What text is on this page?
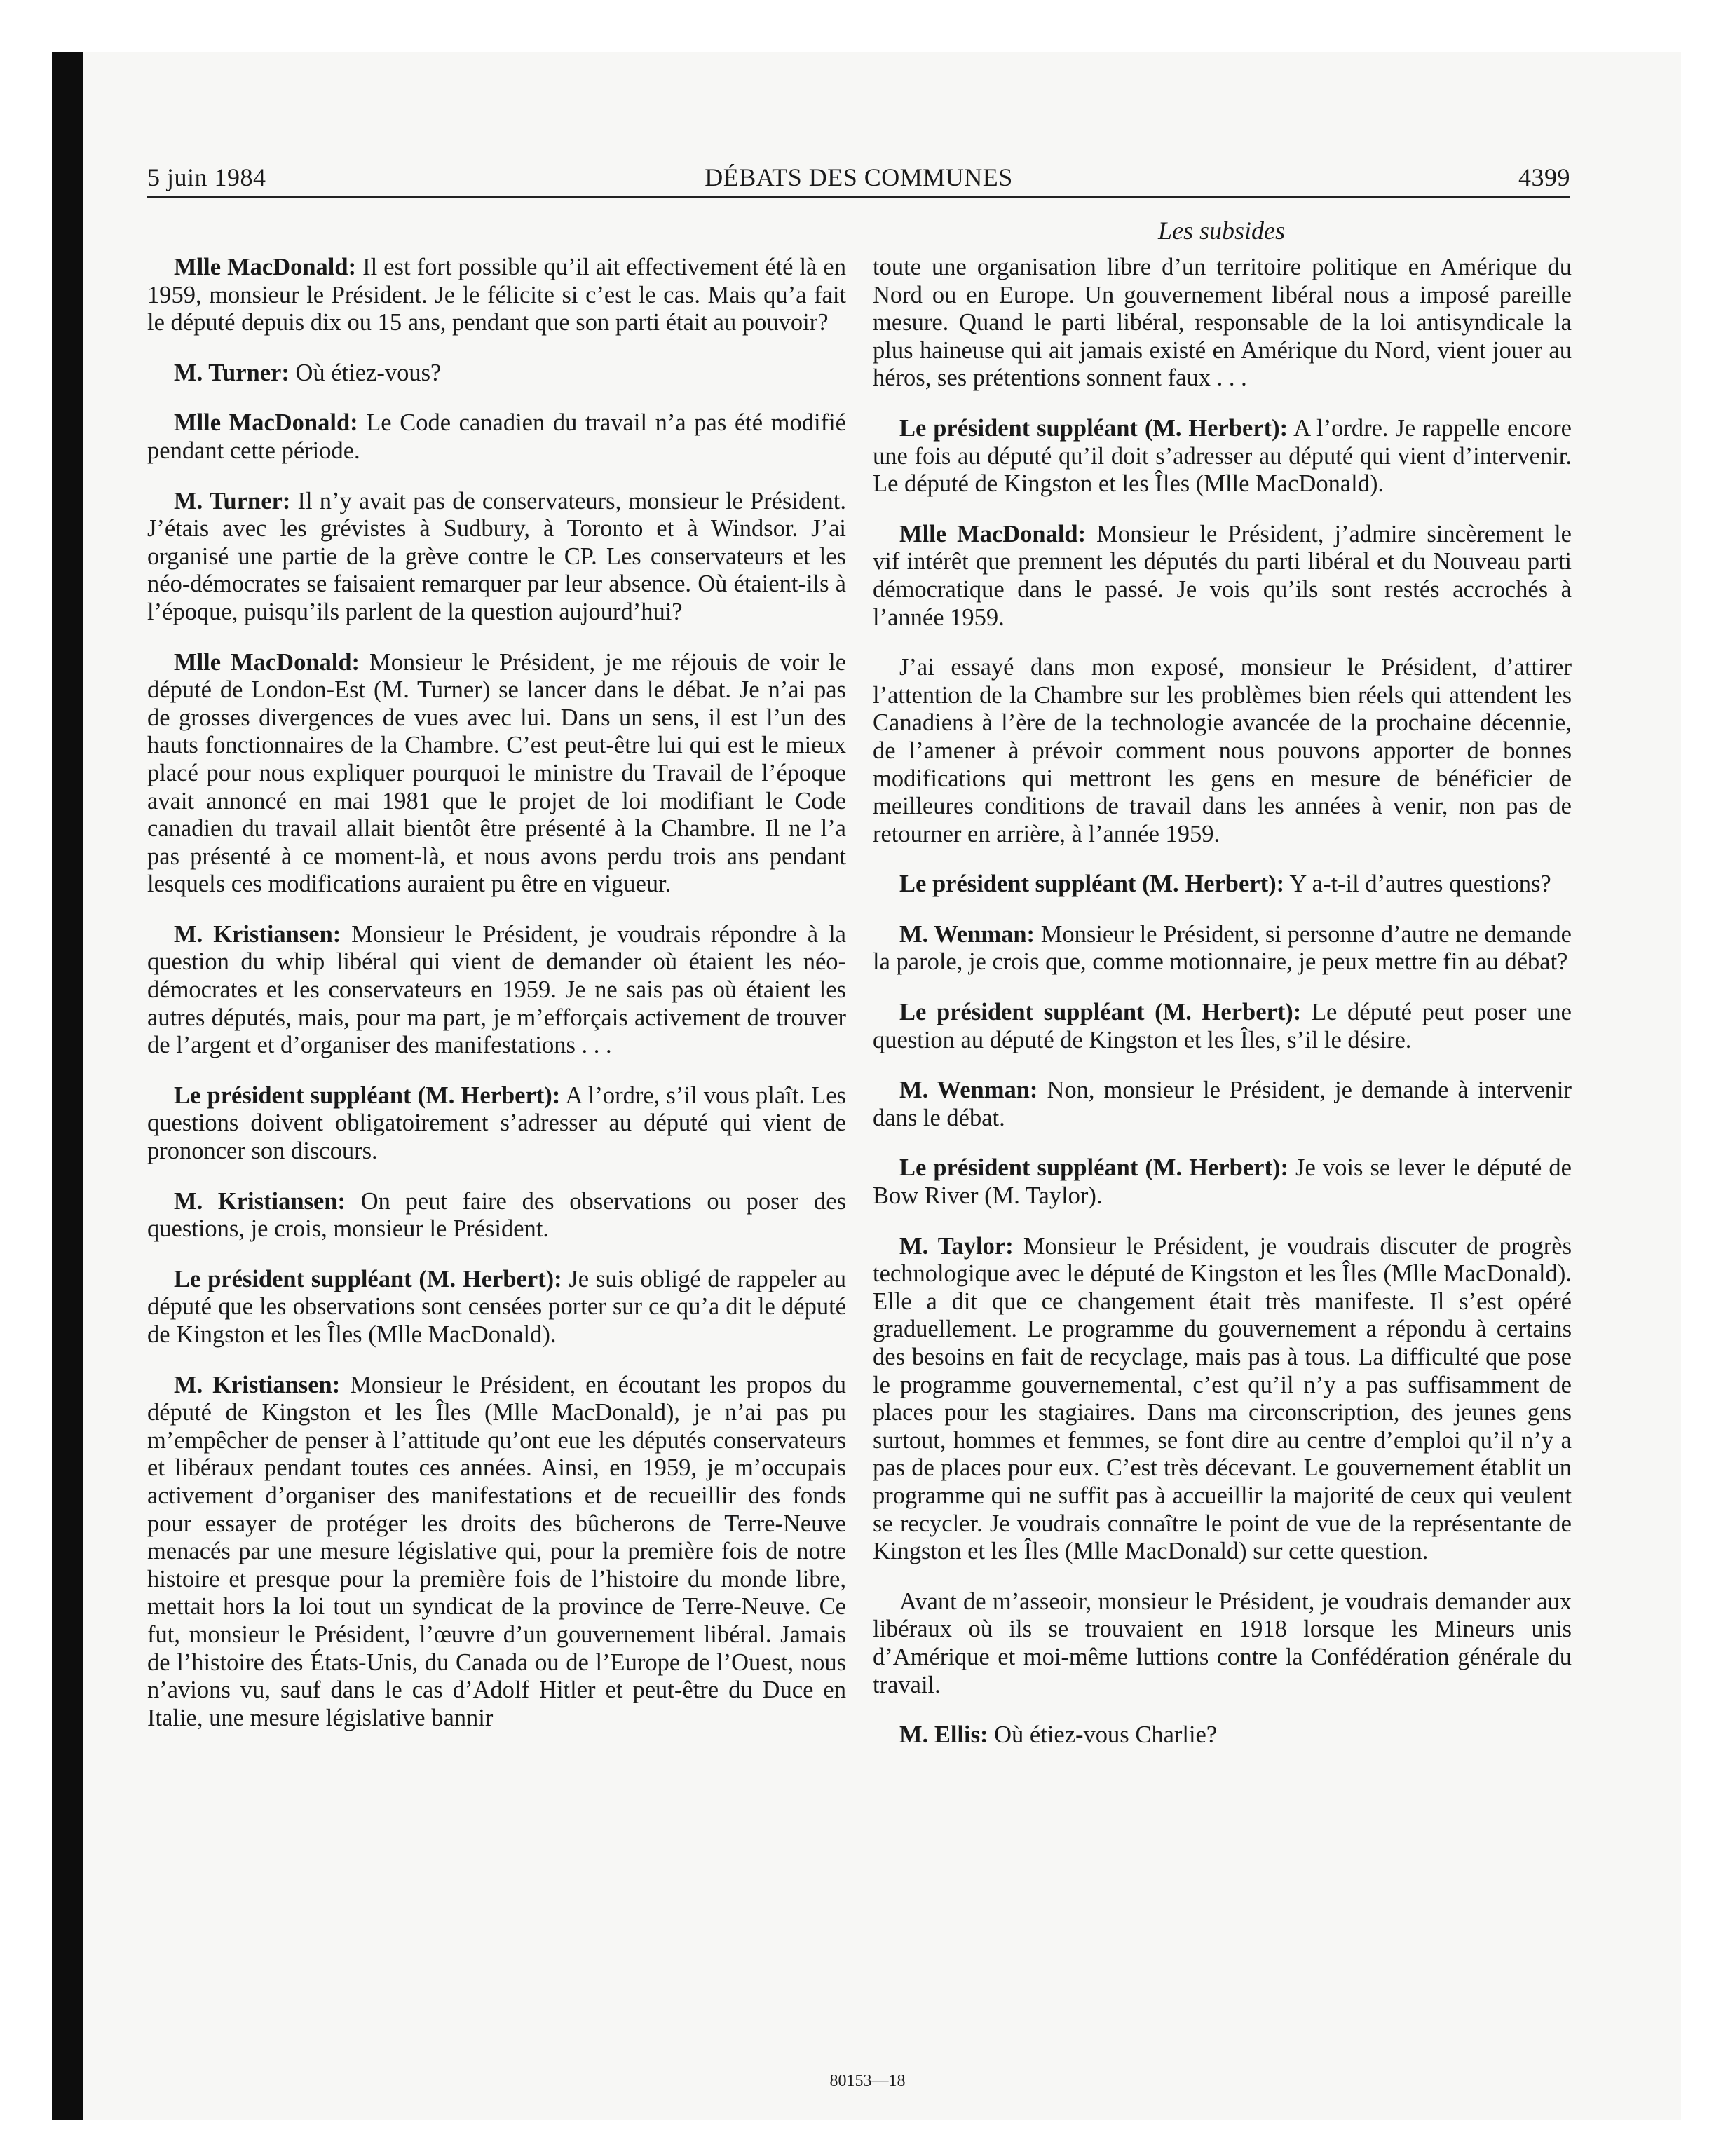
5 juin 1984	DÉBATS DES COMMUNES	4399
Les subsides

Mlle MacDonald: Il est fort possible qu’il ait effectivement été là en 1959, monsieur le Président. Je le félicite si c’est le cas. Mais qu’a fait le député depuis dix ou 15 ans, pendant que son parti était au pouvoir?

M. Turner: Où étiez-vous?

Mlle MacDonald: Le Code canadien du travail n’a pas été modifié pendant cette période.

M. Turner: Il n’y avait pas de conservateurs, monsieur le Président. J’étais avec les grévistes à Sudbury, à Toronto et à Windsor. J’ai organisé une partie de la grève contre le CP. Les conservateurs et les néo-démocrates se faisaient remarquer par leur absence. Où étaient-ils à l’époque, puisqu’ils parlent de la question aujourd’hui?

Mlle MacDonald: Monsieur le Président, je me réjouis de voir le député de London-Est (M. Turner) se lancer dans le débat. Je n’ai pas de grosses divergences de vues avec lui. Dans un sens, il est l’un des hauts fonctionnaires de la Chambre. C’est peut-être lui qui est le mieux placé pour nous expliquer pourquoi le ministre du Travail de l’époque avait annoncé en mai 1981 que le projet de loi modifiant le Code canadien du travail allait bientôt être présenté à la Chambre. Il ne l’a pas présenté à ce moment-là, et nous avons perdu trois ans pendant lesquels ces modifications auraient pu être en vigueur.

M. Kristiansen: Monsieur le Président, je voudrais répondre à la question du whip libéral qui vient de demander où étaient les néo-démocrates et les conservateurs en 1959. Je ne sais pas où étaient les autres députés, mais, pour ma part, je m’efforçais activement de trouver de l’argent et d’organiser des manifestations . . .

Le président suppléant (M. Herbert): A l’ordre, s’il vous plaît. Les questions doivent obligatoirement s’adresser au député qui vient de prononcer son discours.

M. Kristiansen: On peut faire des observations ou poser des questions, je crois, monsieur le Président.

Le président suppléant (M. Herbert): Je suis obligé de rappeler au député que les observations sont censées porter sur ce qu’a dit le député de Kingston et les Îles (Mlle MacDonald).

M. Kristiansen: Monsieur le Président, en écoutant les propos du député de Kingston et les Îles (Mlle MacDonald), je n’ai pas pu m’empêcher de penser à l’attitude qu’ont eue les députés conservateurs et libéraux pendant toutes ces années. Ainsi, en 1959, je m’occupais activement d’organiser des manifestations et de recueillir des fonds pour essayer de protéger les droits des bûcherons de Terre-Neuve menacés par une mesure législative qui, pour la première fois de notre histoire et presque pour la première fois de l’histoire du monde libre, mettait hors la loi tout un syndicat de la province de Terre-Neuve. Ce fut, monsieur le Président, l’œuvre d’un gouvernement libéral. Jamais de l’histoire des États-Unis, du Canada ou de l’Europe de l’Ouest, nous n’avions vu, sauf dans le cas d’Adolf Hitler et peut-être du Duce en Italie, une mesure législative bannir

toute une organisation libre d’un territoire politique en Amérique du Nord ou en Europe. Un gouvernement libéral nous a imposé pareille mesure. Quand le parti libéral, responsable de la loi antisyndicale la plus haineuse qui ait jamais existé en Amérique du Nord, vient jouer au héros, ses prétentions sonnent faux . . .

Le président suppléant (M. Herbert): A l’ordre. Je rappelle encore une fois au député qu’il doit s’adresser au député qui vient d’intervenir. Le député de Kingston et les Îles (Mlle MacDonald).

Mlle MacDonald: Monsieur le Président, j’admire sincèrement le vif intérêt que prennent les députés du parti libéral et du Nouveau parti démocratique dans le passé. Je vois qu’ils sont restés accrochés à l’année 1959.

J’ai essayé dans mon exposé, monsieur le Président, d’attirer l’attention de la Chambre sur les problèmes bien réels qui attendent les Canadiens à l’ère de la technologie avancée de la prochaine décennie, de l’amener à prévoir comment nous pouvons apporter de bonnes modifications qui mettront les gens en mesure de bénéficier de meilleures conditions de travail dans les années à venir, non pas de retourner en arrière, à l’année 1959.

Le président suppléant (M. Herbert): Y a-t-il d’autres questions?

M. Wenman: Monsieur le Président, si personne d’autre ne demande la parole, je crois que, comme motionnaire, je peux mettre fin au débat?

Le président suppléant (M. Herbert): Le député peut poser une question au député de Kingston et les Îles, s’il le désire.

M. Wenman: Non, monsieur le Président, je demande à intervenir dans le débat.

Le président suppléant (M. Herbert): Je vois se lever le député de Bow River (M. Taylor).

M. Taylor: Monsieur le Président, je voudrais discuter de progrès technologique avec le député de Kingston et les Îles (Mlle MacDonald). Elle a dit que ce changement était très manifeste. Il s’est opéré graduellement. Le programme du gouvernement a répondu à certains des besoins en fait de recyclage, mais pas à tous. La difficulté que pose le programme gouvernemental, c’est qu’il n’y a pas suffisamment de places pour les stagiaires. Dans ma circonscription, des jeunes gens surtout, hommes et femmes, se font dire au centre d’emploi qu’il n’y a pas de places pour eux. C’est très décevant. Le gouvernement établit un programme qui ne suffit pas à accueillir la majorité de ceux qui veulent se recycler. Je voudrais connaître le point de vue de la représentante de Kingston et les Îles (Mlle MacDonald) sur cette question.

Avant de m’asseoir, monsieur le Président, je voudrais demander aux libéraux où ils se trouvaient en 1918 lorsque les Mineurs unis d’Amérique et moi-même luttions contre la Confédération générale du travail.

M. Ellis: Où étiez-vous Charlie?

80153—18
